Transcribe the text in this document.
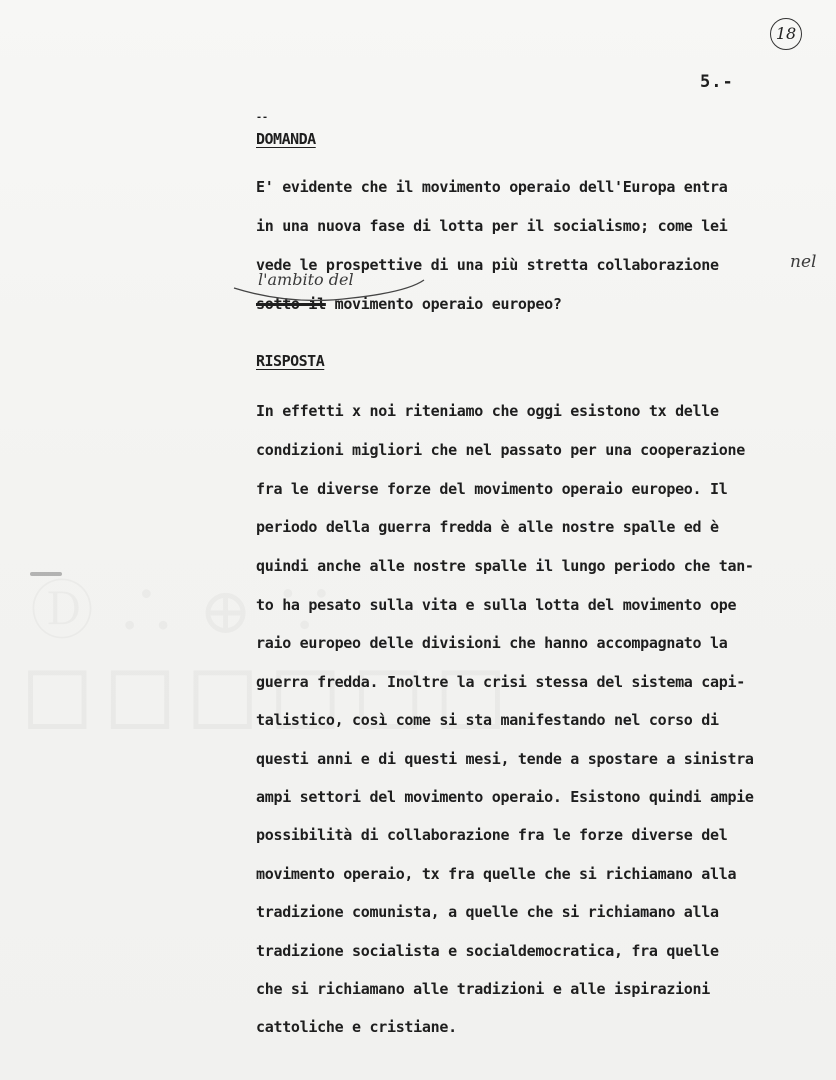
18
5.-
--
DOMANDA
E' evidente che il movimento operaio dell'Europa entra
in una nuova fase di lotta per il socialismo; come lei
vede le prospettive di una più stretta collaborazione
sotto il movimento operaio europeo?
nel
l'ambito del
RISPOSTA
In effetti x noi riteniamo che oggi esistono tx delle
condizioni migliori che nel passato per una cooperazione
fra le diverse forze del movimento operaio europeo. Il
periodo della guerra fredda è alle nostre spalle ed è
quindi anche alle nostre spalle il lungo periodo che tan-
to ha pesato sulla vita e sulla lotta del movimento ope
raio europeo delle divisioni che hanno accompagnato la
guerra fredda. Inoltre la crisi stessa del sistema capi-
talistico, così come si sta manifestando nel corso di
questi anni e di questi mesi, tende a spostare a sinistra
ampi settori del movimento operaio. Esistono quindi ampie
possibilità di collaborazione fra le forze diverse del
movimento operaio, tx fra quelle che si richiamano alla
tradizione comunista, a quelle che si richiamano alla
tradizione socialista e socialdemocratica, fra quelle
che si richiamano alle tradizioni e alle ispirazioni
cattoliche e cristiane.
